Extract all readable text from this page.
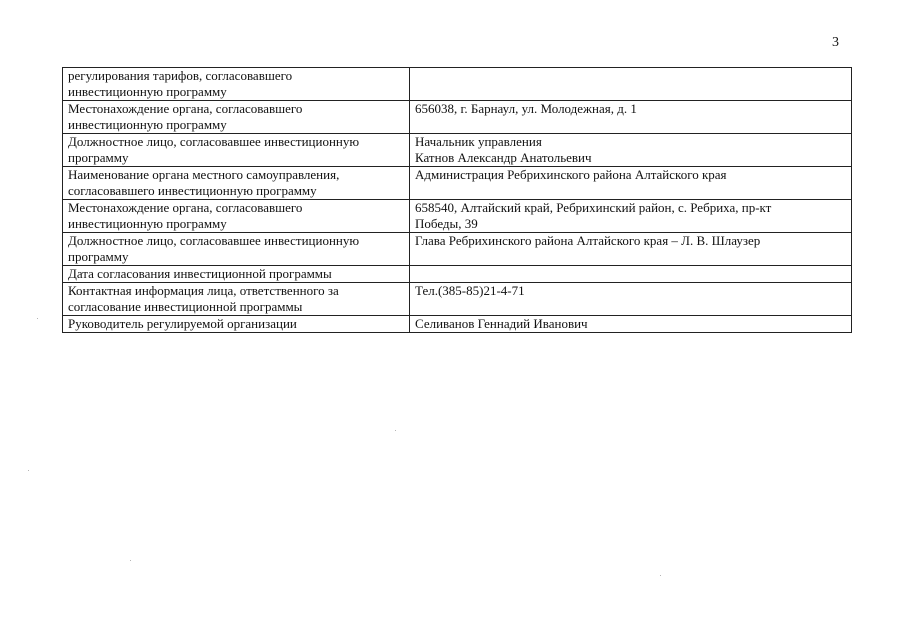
3
регулирования тарифов, согласовавшего
инвестиционную программу	
Местонахождение органа, согласовавшего
инвестиционную программу	656038, г. Барнаул, ул. Молодежная, д. 1
Должностное лицо, согласовавшее инвестиционную
программу	Начальник управления
Катнов Александр Анатольевич
Наименование органа местного самоуправления,
согласовавшего инвестиционную программу	Администрация Ребрихинского района Алтайского края
Местонахождение органа, согласовавшего
инвестиционную программу	658540, Алтайский край, Ребрихинский район, с. Ребриха, пр-кт
Победы, 39
Должностное лицо, согласовавшее инвестиционную
программу	Глава Ребрихинского района Алтайского края – Л. В. Шлаузер
Дата согласования инвестиционной программы	
Контактная информация лица, ответственного за
согласование инвестиционной программы	Тел.(385-85)21-4-71
Руководитель регулируемой организации	Селиванов Геннадий Иванович
